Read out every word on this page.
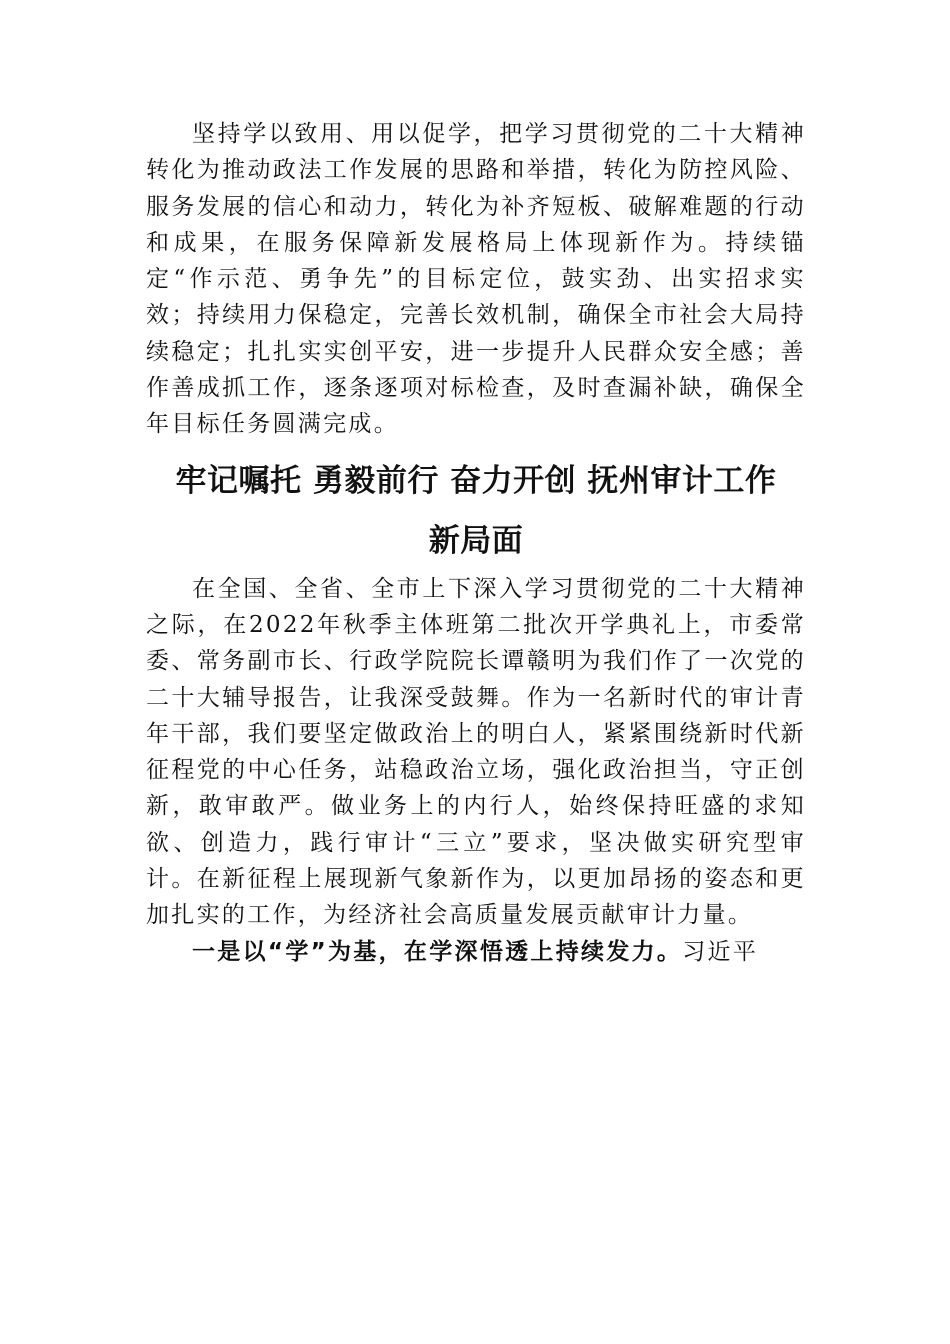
坚持学以致用、用以促学，把学习贯彻党的二十大精神转化为推动政法工作发展的思路和举措，转化为防控风险、服务发展的信心和动力，转化为补齐短板、破解难题的行动和成果，在服务保障新发展格局上体现新作为。持续锚定“作示范、勇争先”的目标定位，鼓实劲、出实招求实效；持续用力保稳定，完善长效机制，确保全市社会大局持续稳定；扎扎实实创平安，进一步提升人民群众安全感；善作善成抓工作，逐条逐项对标检查，及时查漏补缺，确保全年目标任务圆满完成。

牢记嘱托 勇毅前行 奋力开创 抚州审计工作
新局面

在全国、全省、全市上下深入学习贯彻党的二十大精神之际，在2022年秋季主体班第二批次开学典礼上，市委常委、常务副市长、行政学院院长谭赣明为我们作了一次党的二十大辅导报告，让我深受鼓舞。作为一名新时代的审计青年干部，我们要坚定做政治上的明白人，紧紧围绕新时代新征程党的中心任务，站稳政治立场，强化政治担当，守正创新，敢审敢严。做业务上的内行人，始终保持旺盛的求知欲、创造力，践行审计“三立”要求，坚决做实研究型审计。在新征程上展现新气象新作为，以更加昂扬的姿态和更加扎实的工作，为经济社会高质量发展贡献审计力量。

一是以“学”为基，在学深悟透上持续发力。习近平
